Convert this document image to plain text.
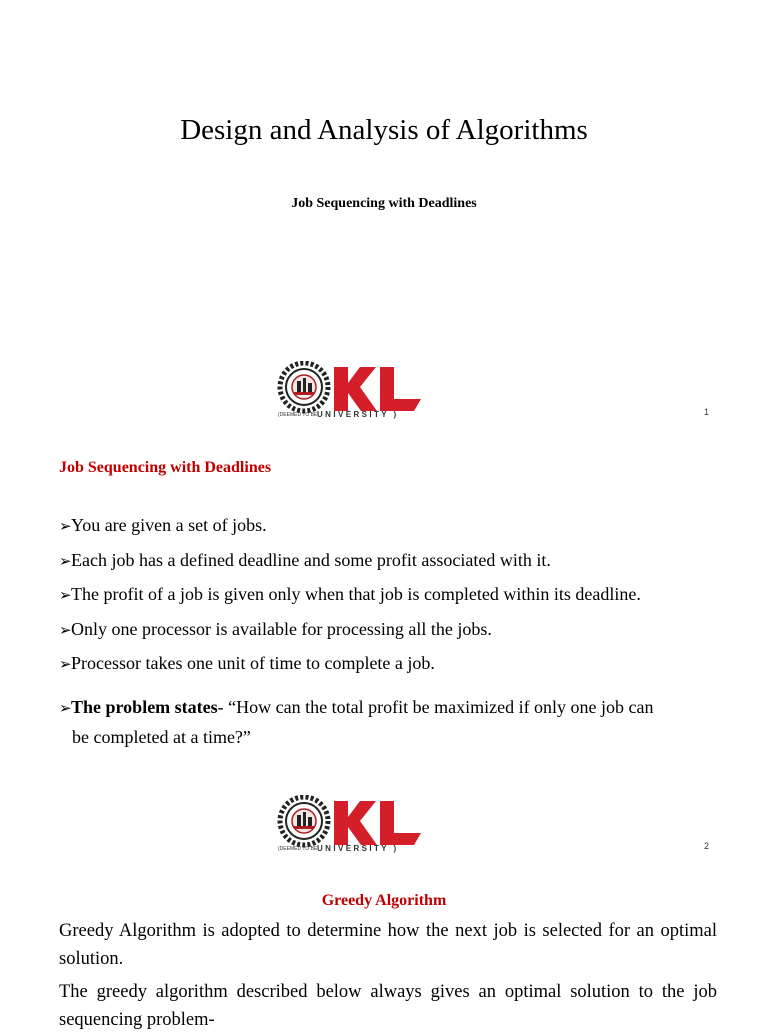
Design and Analysis of Algorithms
Job Sequencing with Deadlines
(DEEMED TO BE UNIVERSITY )	1
Job Sequencing with Deadlines
➢You are given a set of jobs.
➢Each job has a defined deadline and some profit associated with it.
➢The profit of a job is given only when that job is completed within its deadline.
➢Only one processor is available for processing all the jobs.
➢Processor takes one unit of time to complete a job.
➢The problem states- “How can the total profit be maximized if only one job can
be completed at a time?”
(DEEMED TO BE UNIVERSITY )	2
Greedy Algorithm
Greedy Algorithm is adopted to determine how the next job is selected for an optimal solution.
The greedy algorithm described below always gives an optimal solution to the job sequencing problem-
